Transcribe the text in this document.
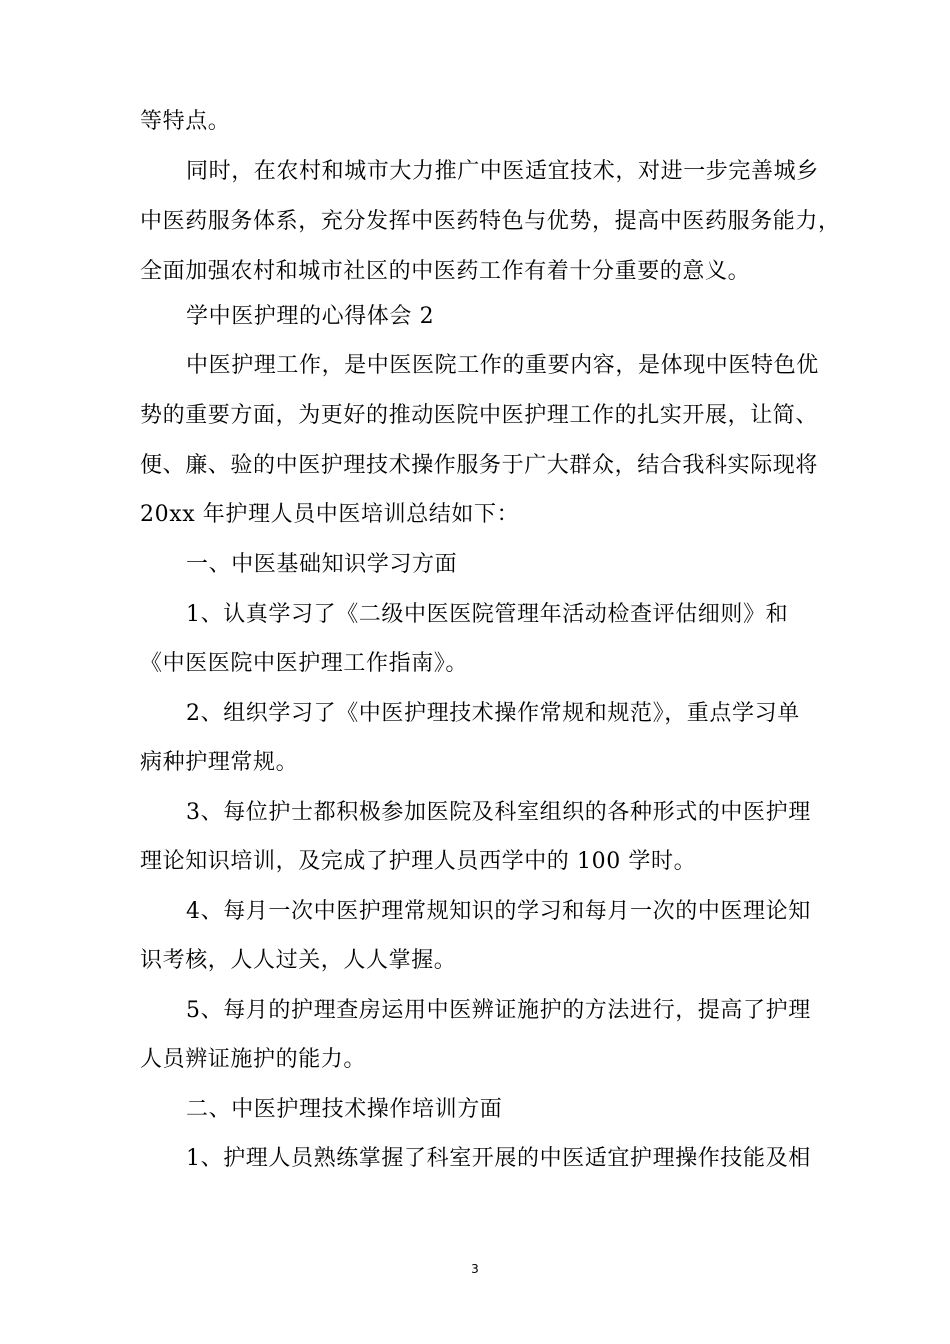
等特点。

同时，在农村和城市大力推广中医适宜技术，对进一步完善城乡

中医药服务体系，充分发挥中医药特色与优势，提高中医药服务能力，

全面加强农村和城市社区的中医药工作有着十分重要的意义。

学中医护理的心得体会 2

中医护理工作，是中医医院工作的重要内容，是体现中医特色优

势的重要方面，为更好的推动医院中医护理工作的扎实开展，让简、

便、廉、验的中医护理技术操作服务于广大群众，结合我科实际现将

20xx 年护理人员中医培训总结如下：

一、中医基础知识学习方面

1、认真学习了《二级中医医院管理年活动检查评估细则》和

《中医医院中医护理工作指南》。

2、组织学习了《中医护理技术操作常规和规范》，重点学习单

病种护理常规。

3、每位护士都积极参加医院及科室组织的各种形式的中医护理

理论知识培训，及完成了护理人员西学中的 100 学时。

4、每月一次中医护理常规知识的学习和每月一次的中医理论知

识考核，人人过关，人人掌握。

5、每月的护理查房运用中医辨证施护的方法进行，提高了护理

人员辨证施护的能力。

二、中医护理技术操作培训方面

1、护理人员熟练掌握了科室开展的中医适宜护理操作技能及相

3
